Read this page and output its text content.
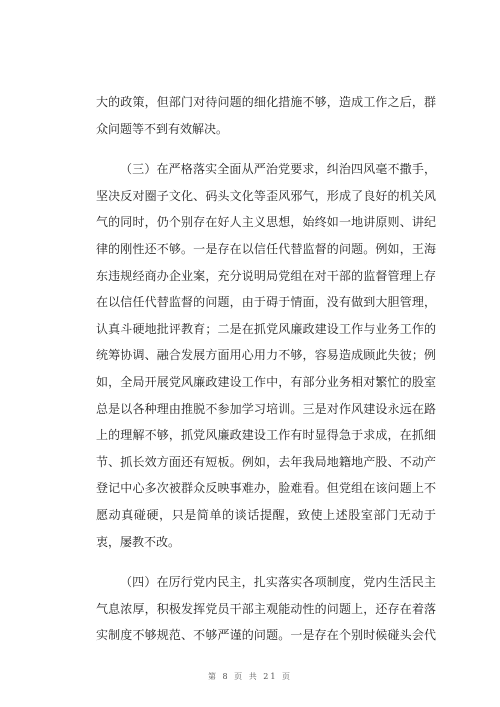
大的政策，但部门对待问题的细化措施不够，造成工作之后，群
众问题等不到有效解决。
（三）在严格落实全面从严治党要求，纠治四风毫不撒手，
坚决反对圈子文化、码头文化等歪风邪气，形成了良好的机关风
气的同时，仍个别存在好人主义思想，始终如一地讲原则、讲纪
律的刚性还不够。一是存在以信任代替监督的问题。例如，王海
东违规经商办企业案，充分说明局党组在对干部的监督管理上存
在以信任代替监督的问题，由于碍于情面，没有做到大胆管理，
认真斗硬地批评教育；二是在抓党风廉政建设工作与业务工作的
统筹协调、融合发展方面用心用力不够，容易造成顾此失彼；例
如，全局开展党风廉政建设工作中，有部分业务相对繁忙的股室
总是以各种理由推脱不参加学习培训。三是对作风建设永远在路
上的理解不够，抓党风廉政建设工作有时显得急于求成，在抓细
节、抓长效方面还有短板。例如，去年我局地籍地产股、不动产
登记中心多次被群众反映事难办，脸难看。但党组在该问题上不
愿动真碰硬，只是简单的谈话提醒，致使上述股室部门无动于
衷，屡教不改。
（四）在厉行党内民主，扎实落实各项制度，党内生活民主
气息浓厚，积极发挥党员干部主观能动性的问题上，还存在着落
实制度不够规范、不够严谨的问题。一是存在个别时候碰头会代
第 8 页 共 21 页
